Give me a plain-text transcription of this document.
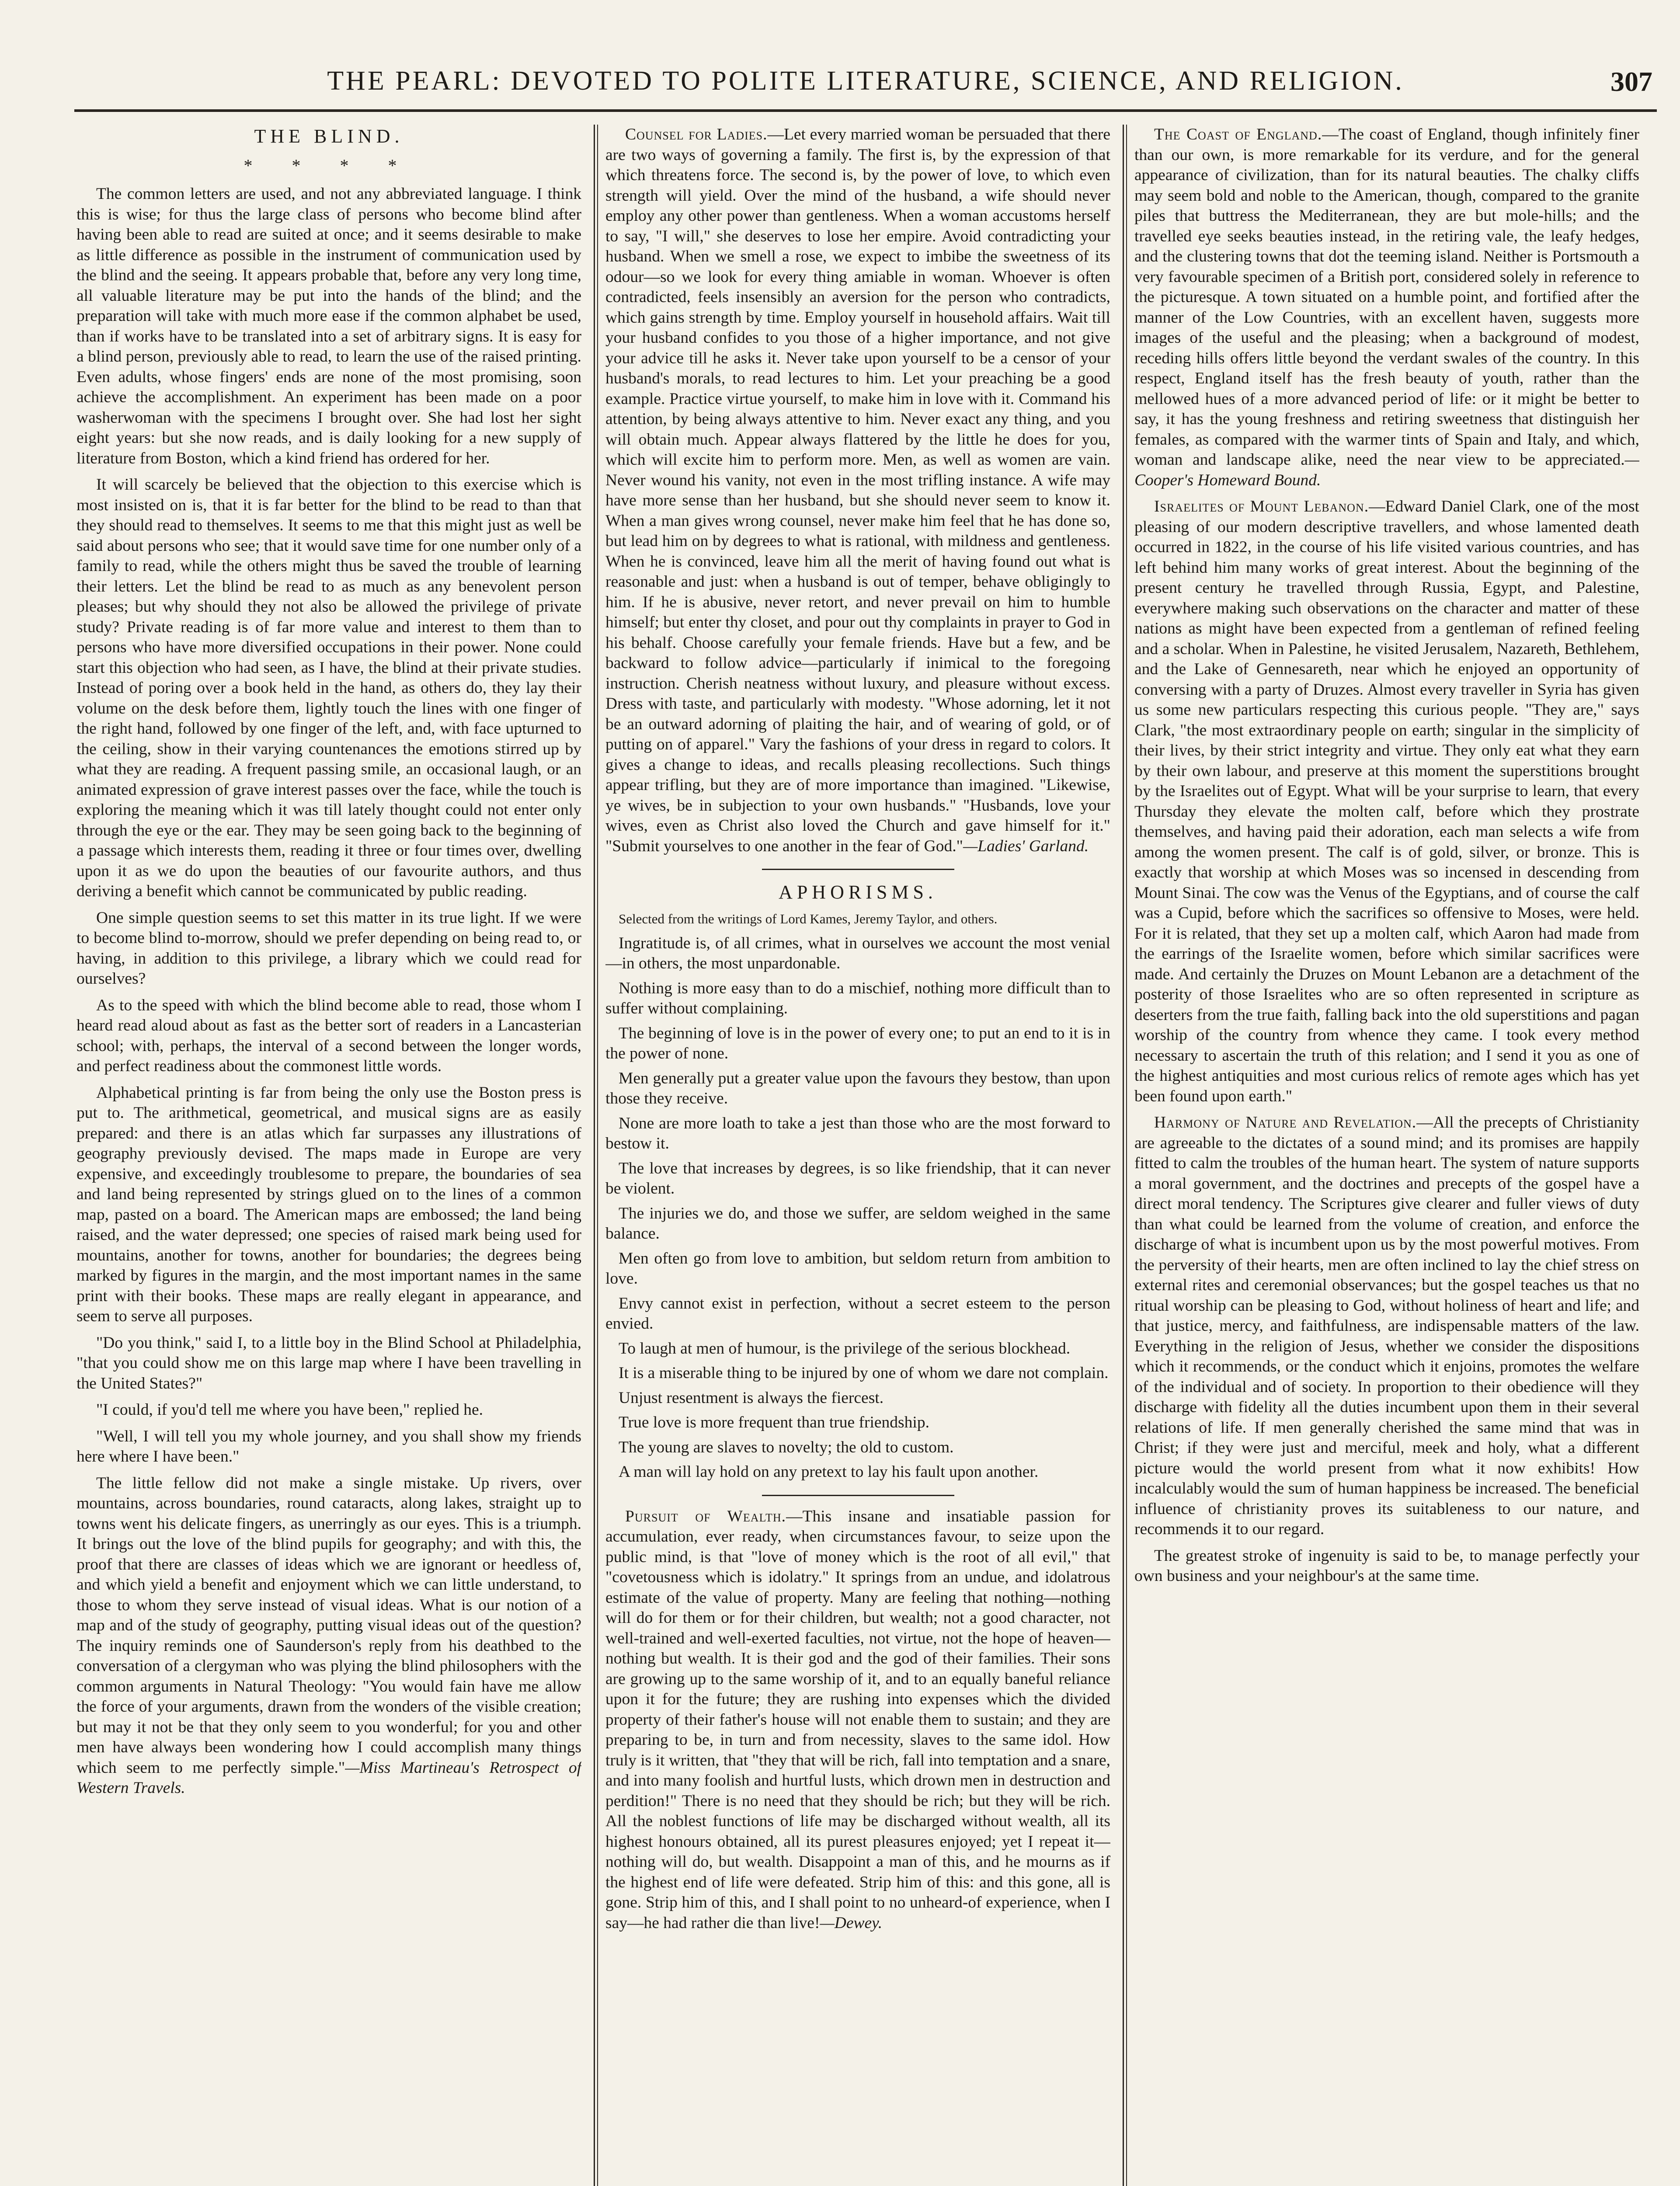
THE PEARL: DEVOTED TO POLITE LITERATURE, SCIENCE, AND RELIGION.	307
THE BLIND.
* * * *

The common letters are used, and not any abbreviated language. I think this is wise; for thus the large class of persons who become blind after having been able to read are suited at once; and it seems desirable to make as little difference as possible in the instrument of communication used by the blind and the seeing. It appears probable that, before any very long time, all valuable literature may be put into the hands of the blind; and the preparation will take with much more ease if the common alphabet be used, than if works have to be translated into a set of arbitrary signs. It is easy for a blind person, previously able to read, to learn the use of the raised printing. Even adults, whose fingers' ends are none of the most promising, soon achieve the accomplishment. An experiment has been made on a poor washerwoman with the specimens I brought over. She had lost her sight eight years: but she now reads, and is daily looking for a new supply of literature from Boston, which a kind friend has ordered for her.

It will scarcely be believed that the objection to this exercise which is most insisted on is, that it is far better for the blind to be read to than that they should read to themselves. It seems to me that this might just as well be said about persons who see; that it would save time for one number only of a family to read, while the others might thus be saved the trouble of learning their letters. Let the blind be read to as much as any benevolent person pleases; but why should they not also be allowed the privilege of private study? Private reading is of far more value and interest to them than to persons who have more diversified occupations in their power. None could start this objection who had seen, as I have, the blind at their private studies. Instead of poring over a book held in the hand, as others do, they lay their volume on the desk before them, lightly touch the lines with one finger of the right hand, followed by one finger of the left, and, with face upturned to the ceiling, show in their varying countenances the emotions stirred up by what they are reading. A frequent passing smile, an occasional laugh, or an animated expression of grave interest passes over the face, while the touch is exploring the meaning which it was till lately thought could not enter only through the eye or the ear. They may be seen going back to the beginning of a passage which interests them, reading it three or four times over, dwelling upon it as we do upon the beauties of our favourite authors, and thus deriving a benefit which cannot be communicated by public reading.

One simple question seems to set this matter in its true light. If we were to become blind to-morrow, should we prefer depending on being read to, or having, in addition to this privilege, a library which we could read for ourselves?

As to the speed with which the blind become able to read, those whom I heard read aloud about as fast as the better sort of readers in a Lancasterian school; with, perhaps, the interval of a second between the longer words, and perfect readiness about the commonest little words.

Alphabetical printing is far from being the only use the Boston press is put to. The arithmetical, geometrical, and musical signs are as easily prepared: and there is an atlas which far surpasses any illustrations of geography previously devised. The maps made in Europe are very expensive, and exceedingly troublesome to prepare, the boundaries of sea and land being represented by strings glued on to the lines of a common map, pasted on a board. The American maps are embossed; the land being raised, and the water depressed; one species of raised mark being used for mountains, another for towns, another for boundaries; the degrees being marked by figures in the margin, and the most important names in the same print with their books. These maps are really elegant in appearance, and seem to serve all purposes.

"Do you think," said I, to a little boy in the Blind School at Philadelphia, "that you could show me on this large map where I have been travelling in the United States?"

"I could, if you'd tell me where you have been," replied he.

"Well, I will tell you my whole journey, and you shall show my friends here where I have been."

The little fellow did not make a single mistake. Up rivers, over mountains, across boundaries, round cataracts, along lakes, straight up to towns went his delicate fingers, as unerringly as our eyes. This is a triumph. It brings out the love of the blind pupils for geography; and with this, the proof that there are classes of ideas which we are ignorant or heedless of, and which yield a benefit and enjoyment which we can little understand, to those to whom they serve instead of visual ideas. What is our notion of a map and of the study of geography, putting visual ideas out of the question? The inquiry reminds one of Saunderson's reply from his deathbed to the conversation of a clergyman who was plying the blind philosophers with the common arguments in Natural Theology: "You would fain have me allow the force of your arguments, drawn from the wonders of the visible creation; but may it not be that they only seem to you wonderful; for you and other men have always been wondering how I could accomplish many things which seem to me perfectly simple."—Miss Martineau's Retrospect of Western Travels.

Counsel for Ladies.—Let every married woman be persuaded that there are two ways of governing a family. The first is, by the expression of that which threatens force. The second is, by the power of love, to which even strength will yield. Over the mind of the husband, a wife should never employ any other power than gentleness. When a woman accustoms herself to say, "I will," she deserves to lose her empire. Avoid contradicting your husband. When we smell a rose, we expect to imbibe the sweetness of its odour—so we look for every thing amiable in woman. Whoever is often contradicted, feels insensibly an aversion for the person who contradicts, which gains strength by time. Employ yourself in household affairs. Wait till your husband confides to you those of a higher importance, and not give your advice till he asks it. Never take upon yourself to be a censor of your husband's morals, to read lectures to him. Let your preaching be a good example. Practice virtue yourself, to make him in love with it. Command his attention, by being always attentive to him. Never exact any thing, and you will obtain much. Appear always flattered by the little he does for you, which will excite him to perform more. Men, as well as women are vain. Never wound his vanity, not even in the most trifling instance. A wife may have more sense than her husband, but she should never seem to know it. When a man gives wrong counsel, never make him feel that he has done so, but lead him on by degrees to what is rational, with mildness and gentleness. When he is convinced, leave him all the merit of having found out what is reasonable and just: when a husband is out of temper, behave obligingly to him. If he is abusive, never retort, and never prevail on him to humble himself; but enter thy closet, and pour out thy complaints in prayer to God in his behalf. Choose carefully your female friends. Have but a few, and be backward to follow advice—particularly if inimical to the foregoing instruction. Cherish neatness without luxury, and pleasure without excess. Dress with taste, and particularly with modesty. "Whose adorning, let it not be an outward adorning of plaiting the hair, and of wearing of gold, or of putting on of apparel." Vary the fashions of your dress in regard to colors. It gives a change to ideas, and recalls pleasing recollections. Such things appear trifling, but they are of more importance than imagined. "Likewise, ye wives, be in subjection to your own husbands." "Husbands, love your wives, even as Christ also loved the Church and gave himself for it." "Submit yourselves to one another in the fear of God."—Ladies' Garland.

APHORISMS.

Selected from the writings of Lord Kames, Jeremy Taylor, and others.

Ingratitude is, of all crimes, what in ourselves we account the most venial—in others, the most unpardonable.

Nothing is more easy than to do a mischief, nothing more difficult than to suffer without complaining.

The beginning of love is in the power of every one; to put an end to it is in the power of none.

Men generally put a greater value upon the favours they bestow, than upon those they receive.

None are more loath to take a jest than those who are the most forward to bestow it.

The love that increases by degrees, is so like friendship, that it can never be violent.

The injuries we do, and those we suffer, are seldom weighed in the same balance.

Men often go from love to ambition, but seldom return from ambition to love.

Envy cannot exist in perfection, without a secret esteem to the person envied.

To laugh at men of humour, is the privilege of the serious blockhead.

It is a miserable thing to be injured by one of whom we dare not complain.

Unjust resentment is always the fiercest.

True love is more frequent than true friendship.

The young are slaves to novelty; the old to custom.

A man will lay hold on any pretext to lay his fault upon another.

Pursuit of Wealth.—This insane and insatiable passion for accumulation, ever ready, when circumstances favour, to seize upon the public mind, is that "love of money which is the root of all evil," that "covetousness which is idolatry." It springs from an undue, and idolatrous estimate of the value of property. Many are feeling that nothing—nothing will do for them or for their children, but wealth; not a good character, not well-trained and well-exerted faculties, not virtue, not the hope of heaven—nothing but wealth. It is their god and the god of their families. Their sons are growing up to the same worship of it, and to an equally baneful reliance upon it for the future; they are rushing into expenses which the divided property of their father's house will not enable them to sustain; and they are preparing to be, in turn and from necessity, slaves to the same idol. How truly is it written, that "they that will be rich, fall into temptation and a snare, and into many foolish and hurtful lusts, which drown men in destruction and perdition!" There is no need that they should be rich; but they will be rich. All the noblest functions of life may be discharged without wealth, all its highest honours obtained, all its purest pleasures enjoyed; yet I repeat it—nothing will do, but wealth. Disappoint a man of this, and he mourns as if the highest end of life were defeated. Strip him of this: and this gone, all is gone. Strip him of this, and I shall point to no unheard-of experience, when I say—he had rather die than live!—Dewey.

The Coast of England.—The coast of England, though infinitely finer than our own, is more remarkable for its verdure, and for the general appearance of civilization, than for its natural beauties. The chalky cliffs may seem bold and noble to the American, though, compared to the granite piles that buttress the Mediterranean, they are but mole-hills; and the travelled eye seeks beauties instead, in the retiring vale, the leafy hedges, and the clustering towns that dot the teeming island. Neither is Portsmouth a very favourable specimen of a British port, considered solely in reference to the picturesque. A town situated on a humble point, and fortified after the manner of the Low Countries, with an excellent haven, suggests more images of the useful and the pleasing; when a background of modest, receding hills offers little beyond the verdant swales of the country. In this respect, England itself has the fresh beauty of youth, rather than the mellowed hues of a more advanced period of life: or it might be better to say, it has the young freshness and retiring sweetness that distinguish her females, as compared with the warmer tints of Spain and Italy, and which, woman and landscape alike, need the near view to be appreciated.—Cooper's Homeward Bound.

Israelites of Mount Lebanon.—Edward Daniel Clark, one of the most pleasing of our modern descriptive travellers, and whose lamented death occurred in 1822, in the course of his life visited various countries, and has left behind him many works of great interest. About the beginning of the present century he travelled through Russia, Egypt, and Palestine, everywhere making such observations on the character and matter of these nations as might have been expected from a gentleman of refined feeling and a scholar. When in Palestine, he visited Jerusalem, Nazareth, Bethlehem, and the Lake of Gennesareth, near which he enjoyed an opportunity of conversing with a party of Druzes. Almost every traveller in Syria has given us some new particulars respecting this curious people. "They are," says Clark, "the most extraordinary people on earth; singular in the simplicity of their lives, by their strict integrity and virtue. They only eat what they earn by their own labour, and preserve at this moment the superstitions brought by the Israelites out of Egypt. What will be your surprise to learn, that every Thursday they elevate the molten calf, before which they prostrate themselves, and having paid their adoration, each man selects a wife from among the women present. The calf is of gold, silver, or bronze. This is exactly that worship at which Moses was so incensed in descending from Mount Sinai. The cow was the Venus of the Egyptians, and of course the calf was a Cupid, before which the sacrifices so offensive to Moses, were held. For it is related, that they set up a molten calf, which Aaron had made from the earrings of the Israelite women, before which similar sacrifices were made. And certainly the Druzes on Mount Lebanon are a detachment of the posterity of those Israelites who are so often represented in scripture as deserters from the true faith, falling back into the old superstitions and pagan worship of the country from whence they came. I took every method necessary to ascertain the truth of this relation; and I send it you as one of the highest antiquities and most curious relics of remote ages which has yet been found upon earth."

Harmony of Nature and Revelation.—All the precepts of Christianity are agreeable to the dictates of a sound mind; and its promises are happily fitted to calm the troubles of the human heart. The system of nature supports a moral government, and the doctrines and precepts of the gospel have a direct moral tendency. The Scriptures give clearer and fuller views of duty than what could be learned from the volume of creation, and enforce the discharge of what is incumbent upon us by the most powerful motives. From the perversity of their hearts, men are often inclined to lay the chief stress on external rites and ceremonial observances; but the gospel teaches us that no ritual worship can be pleasing to God, without holiness of heart and life; and that justice, mercy, and faithfulness, are indispensable matters of the law. Everything in the religion of Jesus, whether we consider the dispositions which it recommends, or the conduct which it enjoins, promotes the welfare of the individual and of society. In proportion to their obedience will they discharge with fidelity all the duties incumbent upon them in their several relations of life. If men generally cherished the same mind that was in Christ; if they were just and merciful, meek and holy, what a different picture would the world present from what it now exhibits! How incalculably would the sum of human happiness be increased. The beneficial influence of christianity proves its suitableness to our nature, and recommends it to our regard.

The greatest stroke of ingenuity is said to be, to manage perfectly your own business and your neighbour's at the same time.
